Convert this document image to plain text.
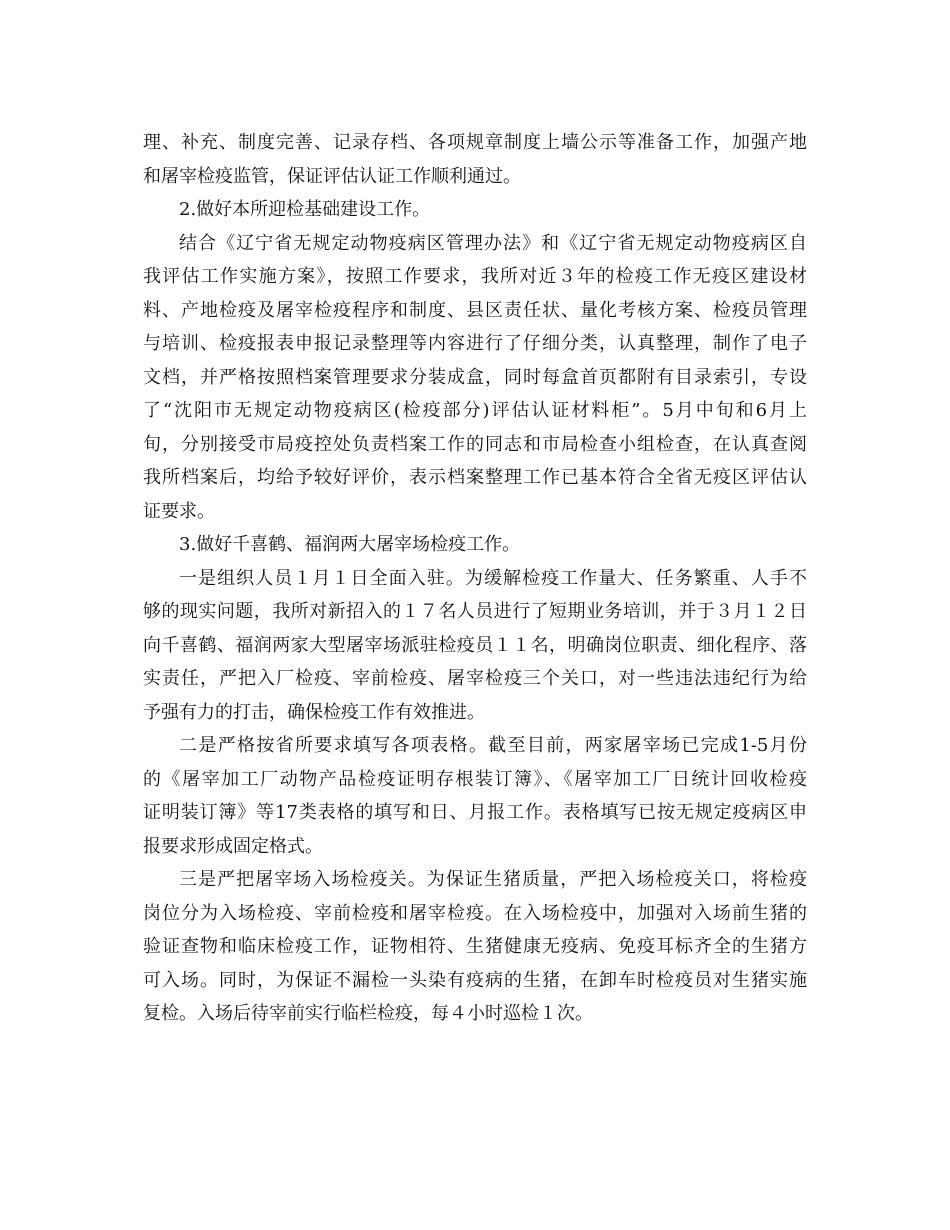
理、补充、制度完善、记录存档、各项规章制度上墙公示等准备工作，加强产地
和屠宰检疫监管，保证评估认证工作顺利通过。
2.做好本所迎检基础建设工作。
结合《辽宁省无规定动物疫病区管理办法》和《辽宁省无规定动物疫病区自
我评估工作实施方案》，按照工作要求，我所对近３年的检疫工作无疫区建设材
料、产地检疫及屠宰检疫程序和制度、县区责任状、量化考核方案、检疫员管理
与培训、检疫报表申报记录整理等内容进行了仔细分类，认真整理，制作了电子
文档，并严格按照档案管理要求分装成盒，同时每盒首页都附有目录索引，专设
了“沈阳市无规定动物疫病区(检疫部分)评估认证材料柜”。5月中旬和6月上
旬，分别接受市局疫控处负责档案工作的同志和市局检查小组检查，在认真查阅
我所档案后，均给予较好评价，表示档案整理工作已基本符合全省无疫区评估认
证要求。
3.做好千喜鹤、福润两大屠宰场检疫工作。
一是组织人员１月１日全面入驻。为缓解检疫工作量大、任务繁重、人手不
够的现实问题，我所对新招入的１７名人员进行了短期业务培训，并于３月１２日
向千喜鹤、福润两家大型屠宰场派驻检疫员１１名，明确岗位职责、细化程序、落
实责任，严把入厂检疫、宰前检疫、屠宰检疫三个关口，对一些违法违纪行为给
予强有力的打击，确保检疫工作有效推进。
二是严格按省所要求填写各项表格。截至目前，两家屠宰场已完成1-5月份
的《屠宰加工厂动物产品检疫证明存根装订簿》、《屠宰加工厂日统计回收检疫
证明装订簿》等17类表格的填写和日、月报工作。表格填写已按无规定疫病区申
报要求形成固定格式。
三是严把屠宰场入场检疫关。为保证生猪质量，严把入场检疫关口，将检疫
岗位分为入场检疫、宰前检疫和屠宰检疫。在入场检疫中，加强对入场前生猪的
验证查物和临床检疫工作，证物相符、生猪健康无疫病、免疫耳标齐全的生猪方
可入场。同时，为保证不漏检一头染有疫病的生猪，在卸车时检疫员对生猪实施
复检。入场后待宰前实行临栏检疫，每４小时巡检１次。
